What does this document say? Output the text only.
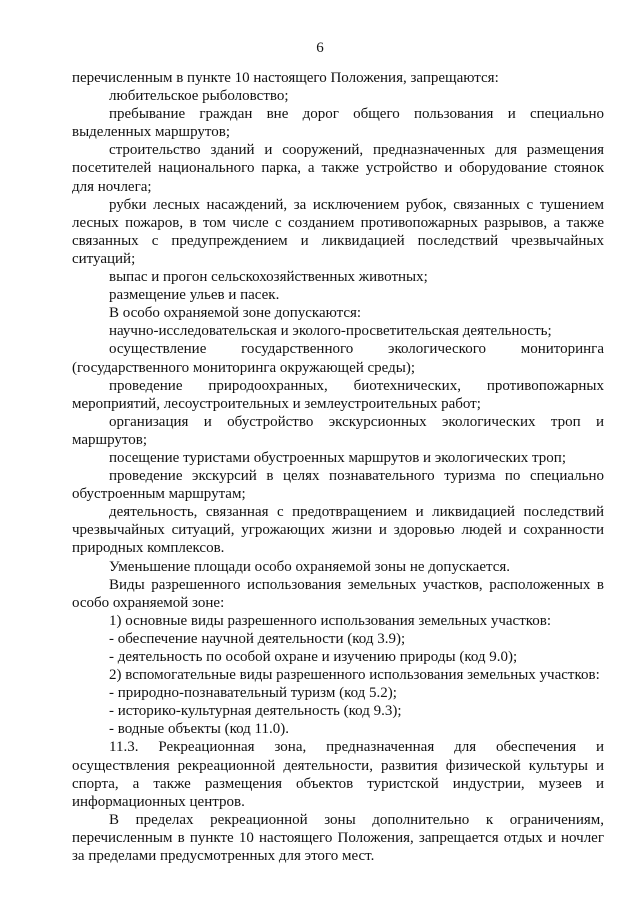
6

перечисленным в пункте 10 настоящего Положения, запрещаются:

любительское рыболовство;

пребывание граждан вне дорог общего пользования и специально выделенных маршрутов;

строительство зданий и сооружений, предназначенных для размещения посетителей национального парка, а также устройство и оборудование стоянок для ночлега;

рубки лесных насаждений, за исключением рубок, связанных с тушением лесных пожаров, в том числе с созданием противопожарных разрывов, а также связанных с предупреждением и ликвидацией последствий чрезвычайных ситуаций;

выпас и прогон сельскохозяйственных животных;

размещение ульев и пасек.

В особо охраняемой зоне допускаются:

научно-исследовательская и эколого-просветительская деятельность;

осуществление государственного экологического мониторинга (государственного мониторинга окружающей среды);

проведение природоохранных, биотехнических, противопожарных мероприятий, лесоустроительных и землеустроительных работ;

организация и обустройство экскурсионных экологических троп и маршрутов;

посещение туристами обустроенных маршрутов и экологических троп;

проведение экскурсий в целях познавательного туризма по специально обустроенным маршрутам;

деятельность, связанная с предотвращением и ликвидацией последствий чрезвычайных ситуаций, угрожающих жизни и здоровью людей и сохранности природных комплексов.

Уменьшение площади особо охраняемой зоны не допускается.

Виды разрешенного использования земельных участков, расположенных в особо охраняемой зоне:

1) основные виды разрешенного использования земельных участков:

- обеспечение научной деятельности (код 3.9);

- деятельность по особой охране и изучению природы (код 9.0);

2) вспомогательные виды разрешенного использования земельных участков:

- природно-познавательный туризм (код 5.2);

- историко-культурная деятельность (код 9.3);

- водные объекты (код 11.0).

11.3. Рекреационная зона, предназначенная для обеспечения и осуществления рекреационной деятельности, развития физической культуры и спорта, а также размещения объектов туристской индустрии, музеев и информационных центров.

В пределах рекреационной зоны дополнительно к ограничениям, перечисленным в пункте 10 настоящего Положения, запрещается отдых и ночлег за пределами предусмотренных для этого мест.
